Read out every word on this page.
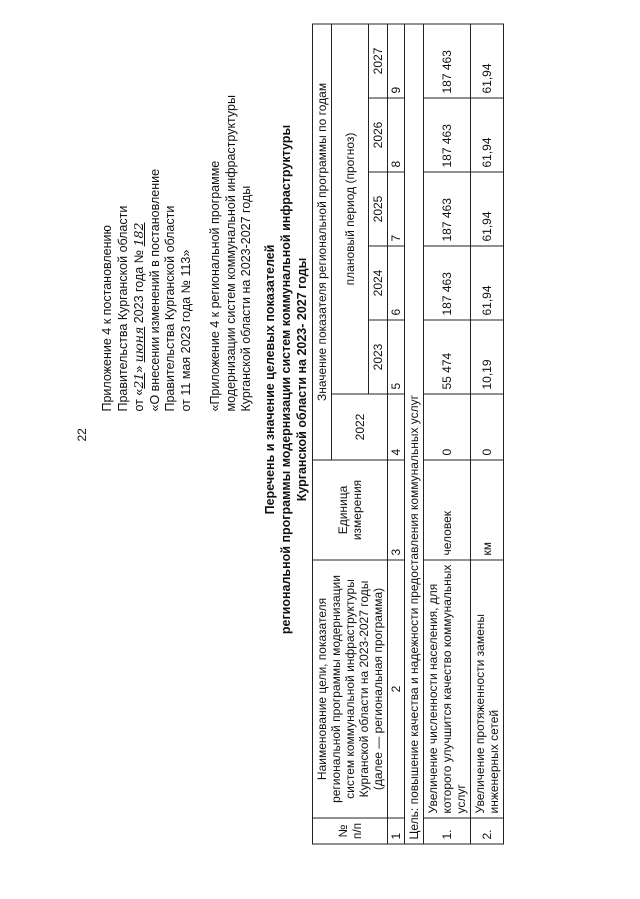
22
Приложение 4 к постановлению Правительства Курганской области от «21» июня 2023 года № 182 «О внесении изменений в постановление Правительства Курганской области от 11 мая 2023 года № 113» «Приложение 4 к региональной программе модернизации систем коммунальной инфраструктуры Курганской области на 2023-2027 годы Перечень и значение целевых показателей региональной программы модернизации систем коммунальной инфраструктуры Курганской области на 2023- 2027 годы
№ п/п	Наименование цели, показателя региональной программы модернизации систем коммунальной инфраструктуры Курганской области на 2023-2027 годы (далее — региональная программа)	Единица измерения	Значение показателя региональной программы по годам					
			2022	плановый период (прогноз)				
				2023	2024	2025	2026	2027
1	2	3	4	5	6	7	8	9
Цель: повышение качества и надежности предоставления коммунальных услуг								
1.	Увеличение численности населения, для которого улучшится качество коммунальных услуг	человек	0	55 474	187 463	187 463	187 463	187 463
2.	Увеличение протяженности замены инженерных сетей	км	0	10,19	61,94	61,94	61,94	61,94
